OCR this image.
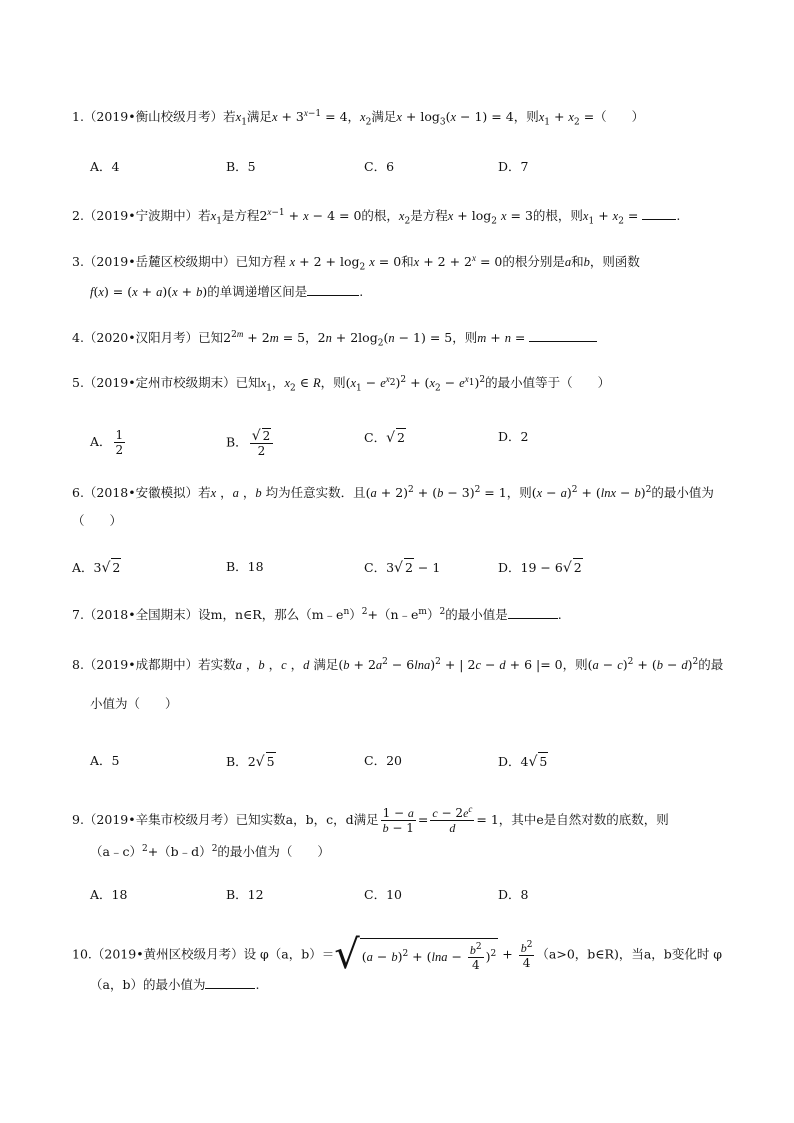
1.（2019•衡山校级月考）若$x_1$满足$x + 3^{x-1} = 4$，$x_2$满足$x + \log_3(x - 1) = 4$，则$x_1 + x_2$ =（　　）
A．4	B．5	C．6	D．7
2.（2019•宁波期中）若$x_1$是方程$2^{x-1} + x - 4 = 0$的根，$x_2$是方程$x + \log_2 x = 3$的根，则$x_1 + x_2$ =	.
3.（2019•岳麓区校级期中）已知方程 $x + 2 + \log_2 x = 0$和$x + 2 + 2^x = 0$的根分别是a和b，则函数
f(x) = (x + a)(x + b)的单调递增区间是	.
4.（2020•汉阳月考）已知$2^{2m} + 2m = 5$，$2n + 2\log_2(n - 1) = 5$，则m + n =
5.（2019•定州市校级期末）已知$x_1$，$x_2$ ∈ R，则$(x_1 - e^{x_2})^2 + (x_2 - e^{x_1})^2$的最小值等于（　　）
A． $\frac{1}{2}$	B． $\frac{√ 2}{2}$	C．√ 2	D．2
6.（2018•安徽模拟）若x ，a ，b 均为任意实数．且$(a + 2)^2 + (b - 3)^2 = 1$，则$(x - a)^2 + (\ln x - b)^2$的最小值为
（　　）
A．3√ 2	B．18	C．3√ 2 − 1	D．19 − 6√ 2
7.（2018•全国期末）设m，n∈R，那么$(m﹣e^n)^2+(n﹣e^m)^2$的最小值是	.
8.（2019•成都期中）若实数a ，b ，c ，d 满足$(b + 2a^2 - 6\ln a)^2$ + | 2c − d + 6 |= 0，则$(a - c)^2 + (b - d)^2$的最
小值为（　　）
A．5	B．2√ 5	C．20	D．4√ 5
9.（2019•辛集市校级月考）已知实数a，b，c，d满足 $\frac{1 - a}{b - 1} = \frac{c - 2e^c}{d} = 1$，其中e是自然对数的底数，则
（a﹣c）$^2$+（b﹣d）$^2$的最小值为（　　）
A．18	B．12	C．10	D．8
10.（2019•黄州区校级月考）设 φ（a，b）＝√ $(a - b)^2 + (\ln a - \frac{b^2}{4} )^2 + \frac{b^2}{4} (a>0$，b∈R)，当a，b变化时 φ
（a，b）的最小值为	.
